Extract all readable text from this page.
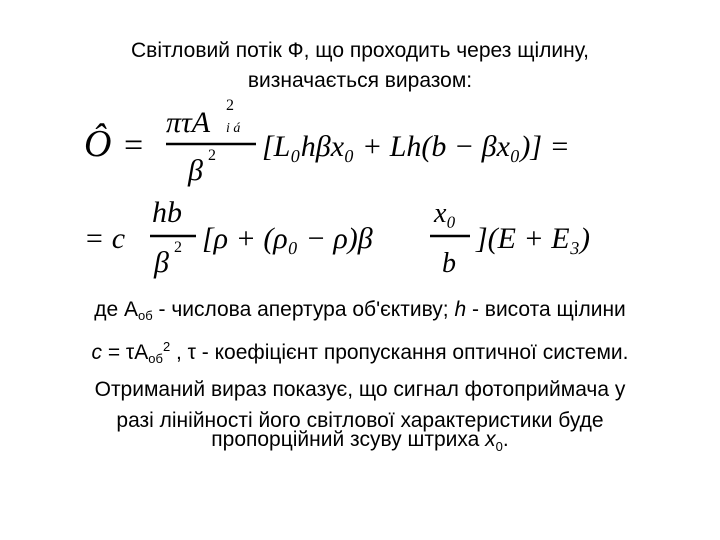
Світловий потік Ф, що проходить через щілину,
визначається виразом:
Ô =
πτA
2
i á
β 2 [L₀hβx₀ + Lh(b − βx₀)] =
= c
hb
β 2 [ρ + (ρ₀ − ρ)β
x₀
b
](E + E₃)
де $A_{об}$ - числова апертура об'єктиву; h - висота щілини
$c = \tau A_{об}^2$ , τ - коефіцієнт пропускання оптичної системи.
Отриманий вираз показує, що сигнал фотоприймача у
разі лінійності його світлової характеристики буде
пропорційний зсуву штриха $x_0$.
